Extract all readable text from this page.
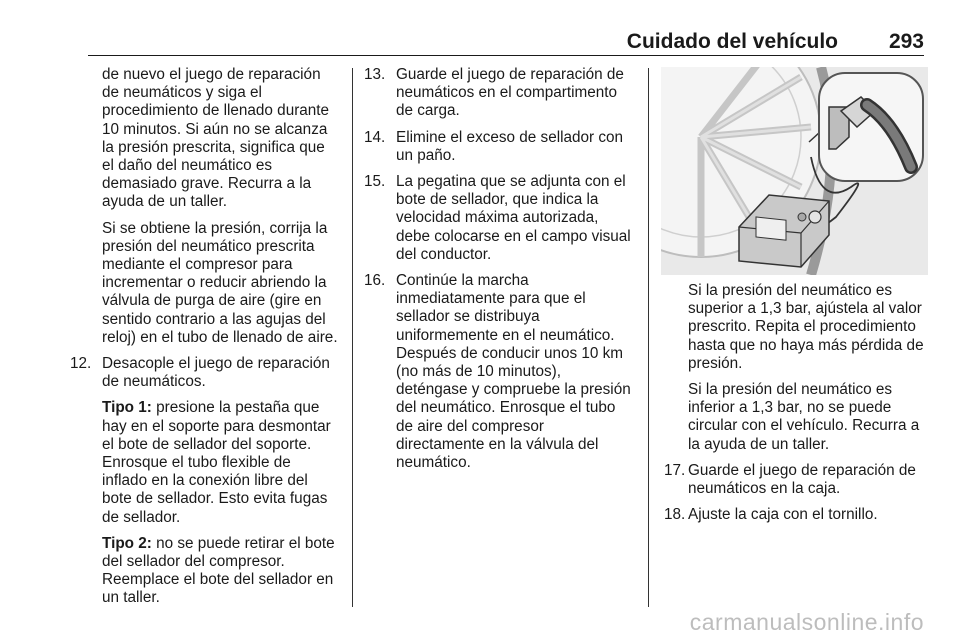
Cuidado del vehículo 293

de nuevo el juego de reparación de neumáticos y siga el procedimiento de llenado durante 10 minutos. Si aún no se alcanza la presión prescrita, significa que el daño del neumático es demasiado grave. Recurra a la ayuda de un taller.

Si se obtiene la presión, corrija la presión del neumático prescrita mediante el compresor para incrementar o reducir abriendo la válvula de purga de aire (gire en sentido contrario a las agujas del reloj) en el tubo de llenado de aire.

12. Desacople el juego de reparación de neumáticos.

Tipo 1: presione la pestaña que hay en el soporte para desmontar el bote de sellador del soporte. Enrosque el tubo flexible de inflado en la conexión libre del bote de sellador. Esto evita fugas de sellador.

Tipo 2: no se puede retirar el bote del sellador del compresor. Reemplace el bote del sellador en un taller.

13. Guarde el juego de reparación de neumáticos en el compartimento de carga.
14. Elimine el exceso de sellador con un paño.
15. La pegatina que se adjunta con el bote de sellador, que indica la velocidad máxima autorizada, debe colocarse en el campo visual del conductor.
16. Continúe la marcha inmediatamente para que el sellador se distribuya uniformemente en el neumático. Después de conducir unos 10 km (no más de 10 minutos), deténgase y compruebe la presión del neumático. Enrosque el tubo de aire del compresor directamente en la válvula del neumático.

Si la presión del neumático es superior a 1,3 bar, ajústela al valor prescrito. Repita el procedimiento hasta que no haya más pérdida de presión.

Si la presión del neumático es inferior a 1,3 bar, no se puede circular con el vehículo. Recurra a la ayuda de un taller.

17. Guarde el juego de reparación de neumáticos en la caja.
18. Ajuste la caja con el tornillo.
carmanualsonline.info
